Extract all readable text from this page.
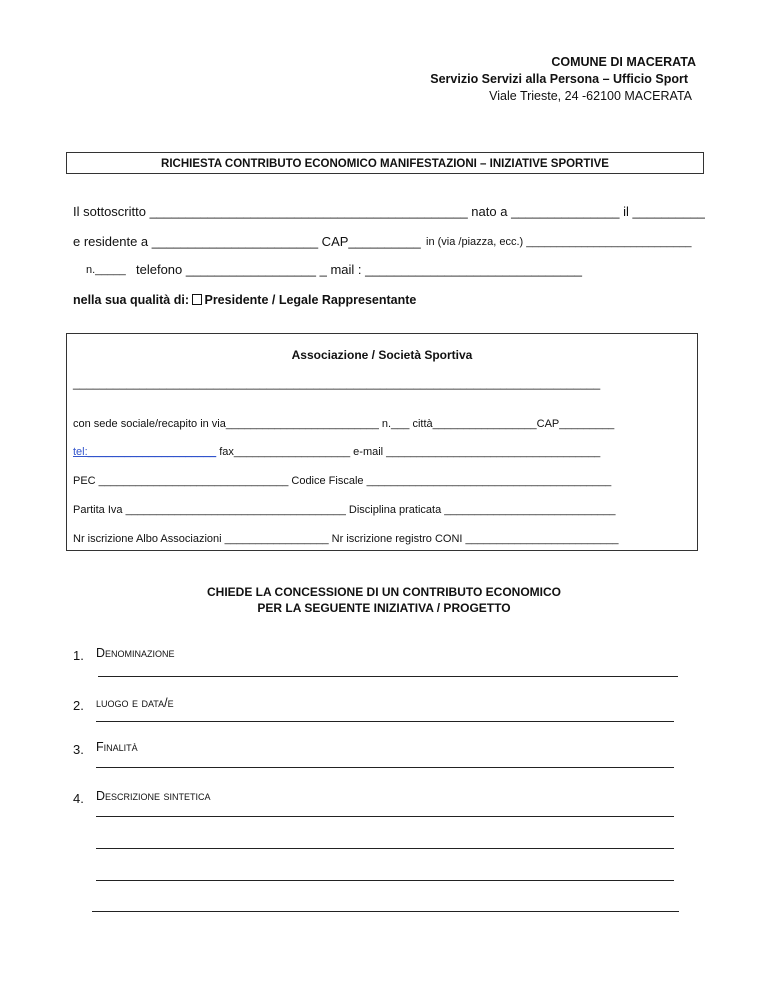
COMUNE DI MACERATA
Servizio Servizi alla Persona – Ufficio Sport
Viale Trieste, 24 -62100 MACERATA
RICHIESTA CONTRIBUTO ECONOMICO MANIFESTAZIONI – INIZIATIVE SPORTIVE
Il sottoscritto ____________________________________________ nato a _______________ il __________
e residente a _______________________ CAP__________ in (via /piazza, ecc.) ___________________________
n._____ telefono __________________ _ mail : ______________________________
nella sua qualità di: Presidente / Legale Rappresentante
Associazione / Società Sportiva
_______________________________________________________________________________
con sede sociale/recapito in via_________________________ n.___ città_________________CAP_________
tel:_____________________ fax___________________ e-mail ___________________________________
PEC _______________________________ Codice Fiscale ________________________________________
Partita Iva ____________________________________ Disciplina praticata ____________________________
Nr iscrizione Albo Associazioni _________________ Nr iscrizione registro CONI _________________________
CHIEDE LA CONCESSIONE DI UN CONTRIBUTO ECONOMICO
PER LA SEGUENTE INIZIATIVA / PROGETTO
1. Denominazione
2. luogo e data/e
3. Finalità
4. Descrizione sintetica
